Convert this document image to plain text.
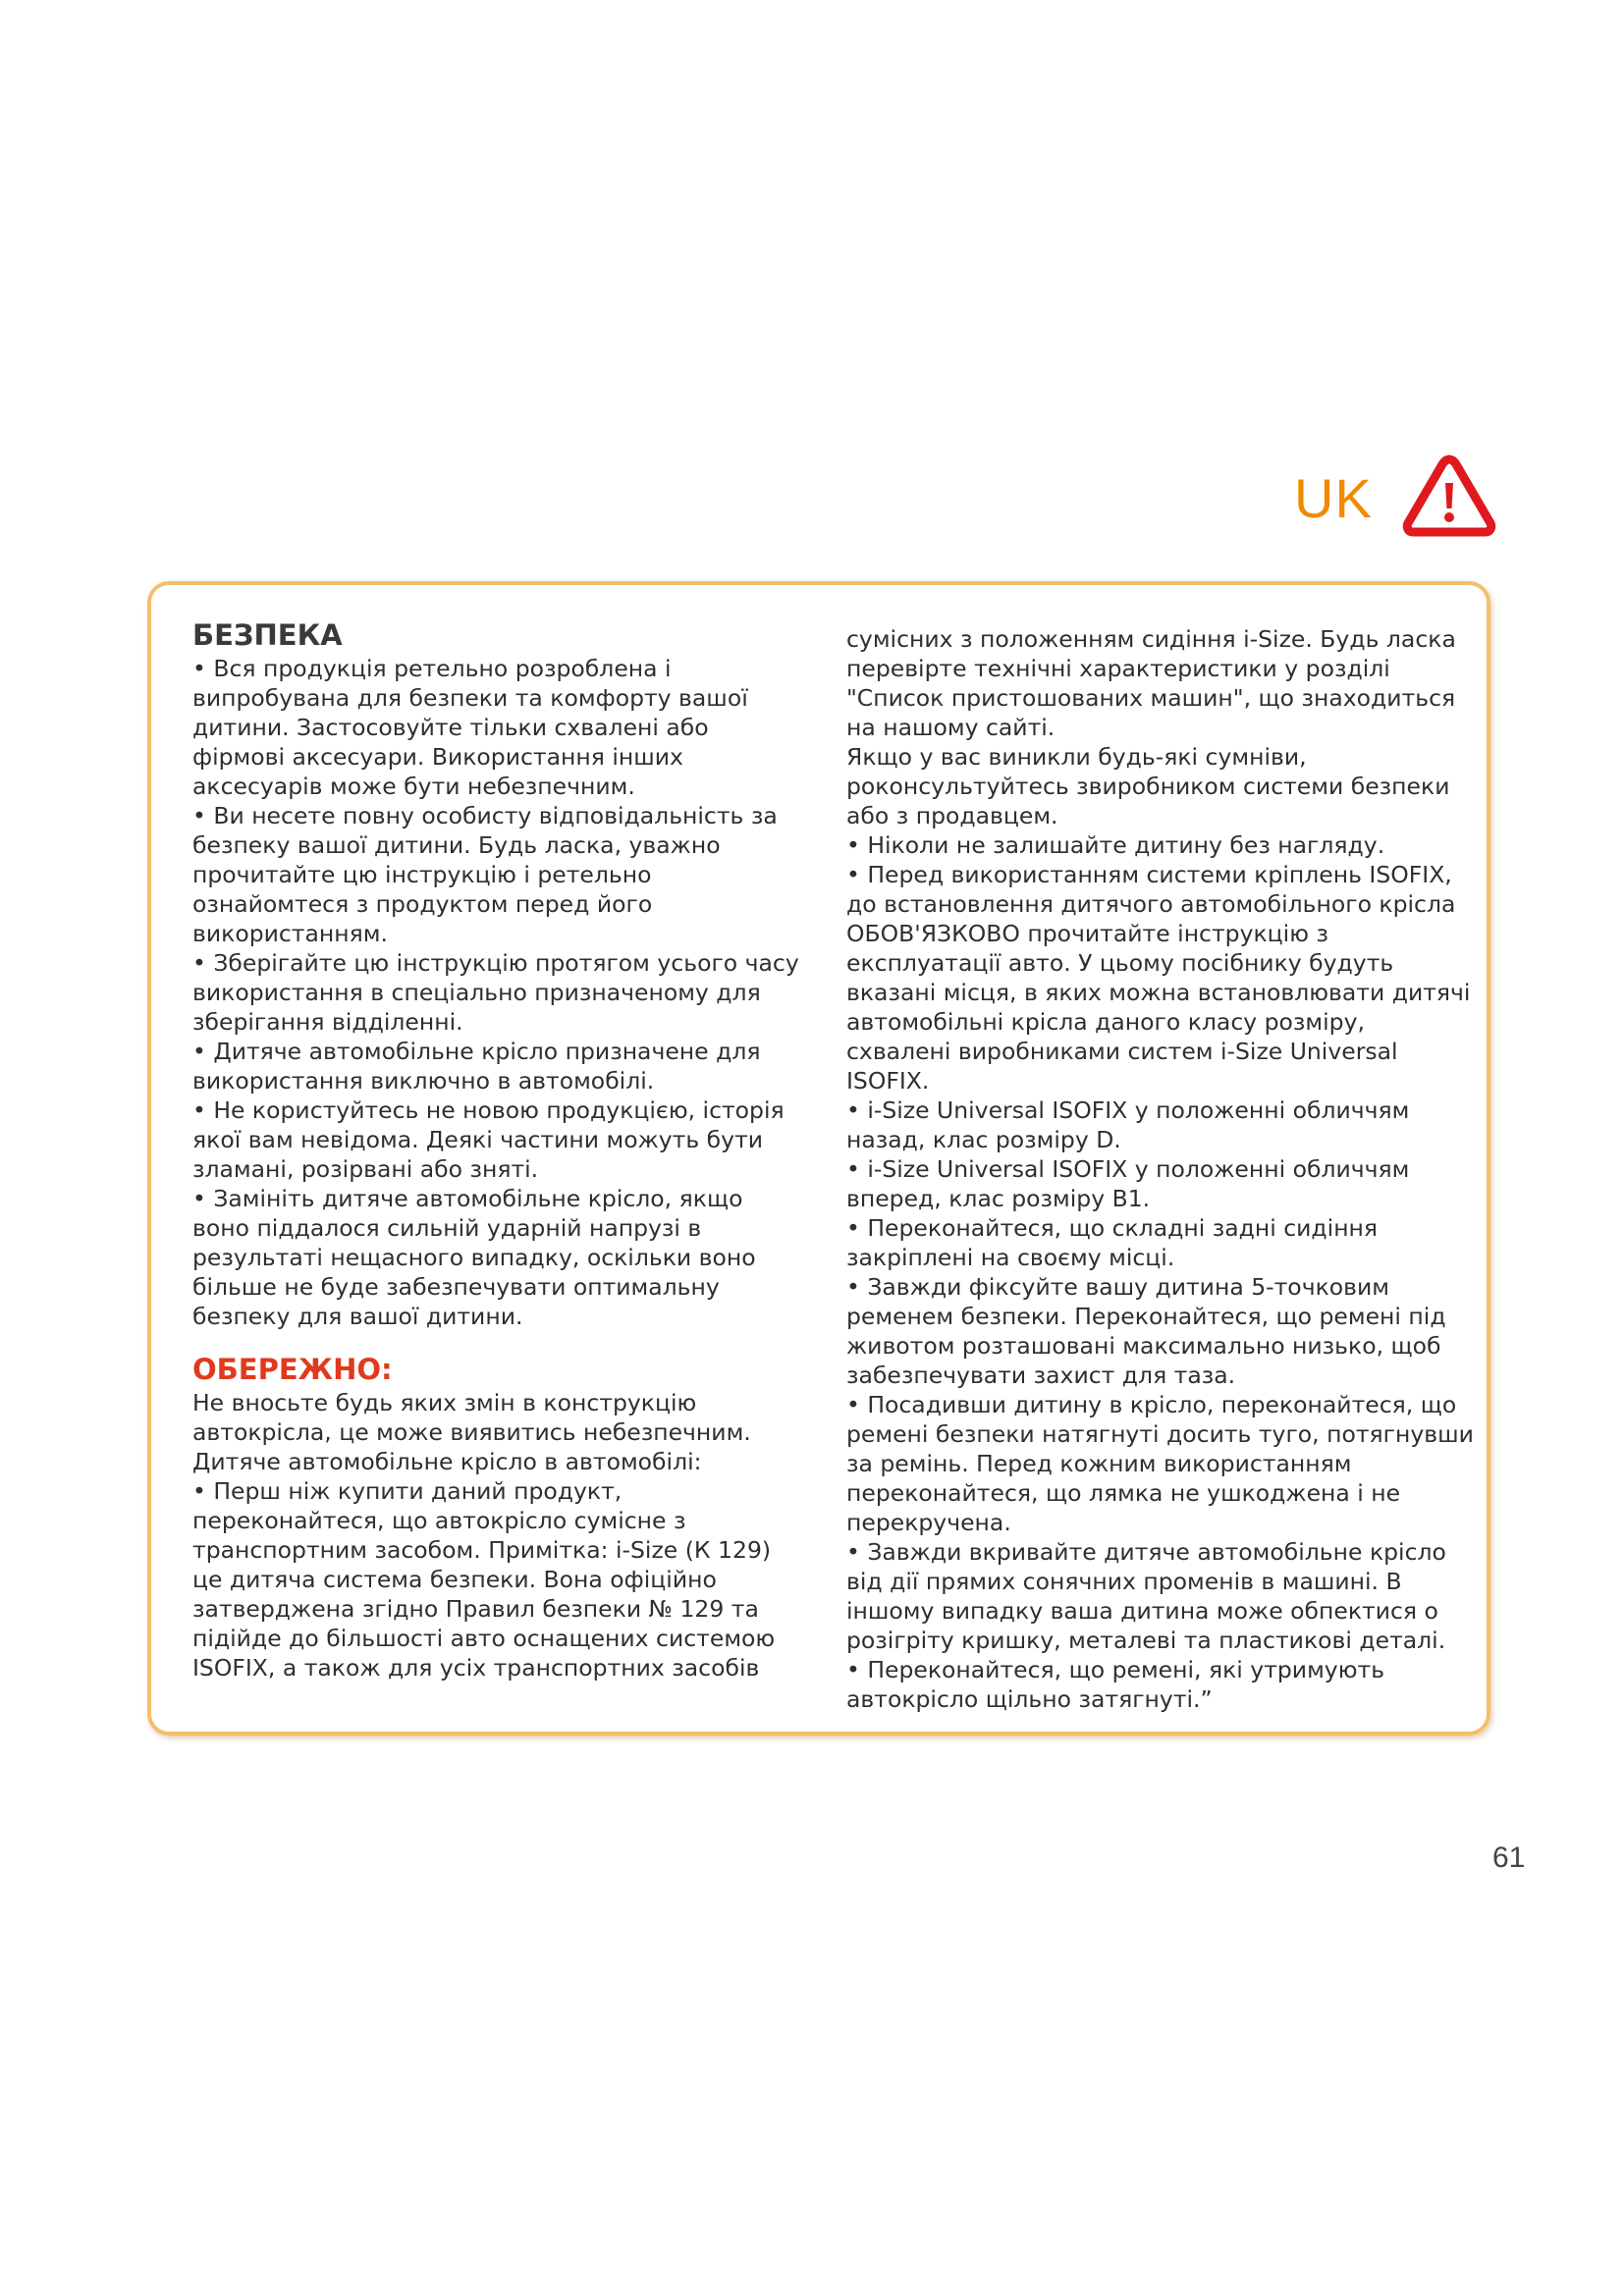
UK
БЕЗПЕКА

• Вся продукція ретельно розроблена і випробувана для безпеки та комфорту вашої дитини. Застосовуйте тільки схвалені або фірмові аксесуари. Використання інших аксесуарів може бути небезпечним.

• Ви несете повну особисту відповідальність за безпеку вашої дитини. Будь ласка, уважно прочитайте цю інструкцію і ретельно ознайомтеся з продуктом перед його використанням.

• Зберігайте цю інструкцію протягом усього часу використання в спеціально призначеному для зберігання відділенні.

• Дитяче автомобільне крісло призначене для використання виключно в автомобілі.

• Не користуйтесь не новою продукцією, історія якої вам невідома. Деякі частини можуть бути зламані, розірвані або зняті.

• Замініть дитяче автомобільне крісло, якщо воно піддалося сильній ударній напрузі в результаті нещасного випадку, оскільки воно більше не буде забезпечувати оптимальну безпеку для вашої дитини.

ОБЕРЕЖНО:

Не вносьте будь яких змін в конструкцію автокрісла, це може виявитись небезпечним. Дитяче автомобільне крісло в автомобілі:

• Перш ніж купити даний продукт, переконайтеся, що автокрісло сумісне з транспортним засобом. Примітка: i-Size (К 129) це дитяча система безпеки. Вона офіційно затверджена згідно Правил безпеки № 129 та підійде до більшості авто оснащених системою ISOFIX, а також для усіх транспортних засобів

сумісних з положенням сидіння i-Size. Будь ласка перевірте технічні характеристики у розділі "Список пристошованих машин", що знаходиться на нашому сайті.

Якщо у вас виникли будь-які сумніви, роконсультуйтесь звиробником системи безпеки або з продавцем.

• Ніколи не залишайте дитину без нагляду.

• Перед використанням системи кріплень ISOFIX, до встановлення дитячого автомобільного крісла ОБОВ'ЯЗКОВО прочитайте інструкцію з експлуатації авто. У цьому посібнику будуть вказані місця, в яких можна встановлювати дитячі автомобільні крісла даного класу розміру, схвалені виробниками систем i-Size Universal ISOFIX.

• i-Size Universal ISOFIX у положенні обличчям назад, клас розміру D.

• i-Size Universal ISOFIX у положенні обличчям вперед, клас розміру B1.

• Переконайтеся, що складні задні сидіння закріплені на своєму місці.

• Завжди фіксуйте вашу дитина 5-точковим ременем безпеки. Переконайтеся, що ремені під животом розташовані максимально низько, щоб забезпечувати захист для таза.

• Посадивши дитину в крісло, переконайтеся, що ремені безпеки натягнуті досить туго, потягнувши за ремінь. Перед кожним використанням переконайтеся, що лямка не ушкоджена і не перекручена.

• Завжди вкривайте дитяче автомобільне крісло від дії прямих сонячних променів в машині. В іншому випадку ваша дитина може обпектися о розігріту кришку, металеві та пластикові деталі.

• Переконайтеся, що ремені, які утримують автокрісло щільно затягнуті.”

61
